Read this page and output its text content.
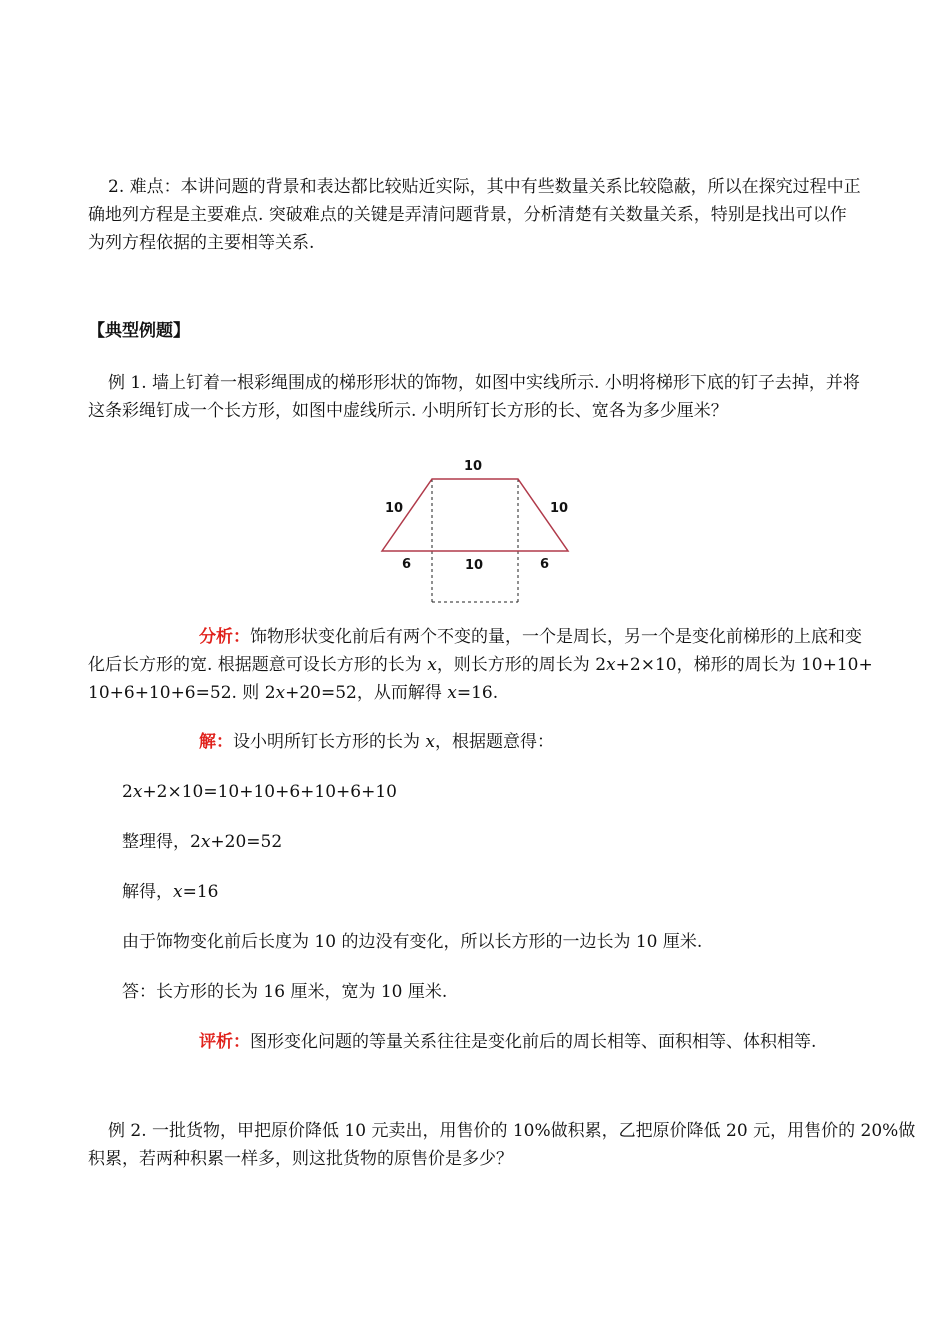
2. 难点：本讲问题的背景和表达都比较贴近实际，其中有些数量关系比较隐蔽，所以在探究过程中正
确地列方程是主要难点. 突破难点的关键是弄清问题背景，分析清楚有关数量关系，特别是找出可以作
为列方程依据的主要相等关系.
【典型例题】
例 1. 墙上钉着一根彩绳围成的梯形形状的饰物，如图中实线所示. 小明将梯形下底的钉子去掉，并将
这条彩绳钉成一个长方形，如图中虚线所示. 小明所钉长方形的长、宽各为多少厘米？
10
10	10
6	10	6
分析：饰物形状变化前后有两个不变的量，一个是周长，另一个是变化前梯形的上底和变
化后长方形的宽. 根据题意可设长方形的长为 x，则长方形的周长为 2x+2×10，梯形的周长为 10+10+
10+6+10+6=52. 则 2x+20=52，从而解得 x=16.
解：设小明所钉长方形的长为 x，根据题意得：
2x+2×10=10+10+6+10+6+10
整理得，2x+20=52
解得，x=16
由于饰物变化前后长度为 10 的边没有变化，所以长方形的一边长为 10 厘米.
答：长方形的长为 16 厘米，宽为 10 厘米.
评析：图形变化问题的等量关系往往是变化前后的周长相等、面积相等、体积相等.
例 2. 一批货物，甲把原价降低 10 元卖出，用售价的 10%做积累，乙把原价降低 20 元，用售价的 20%做
积累，若两种积累一样多，则这批货物的原售价是多少？
